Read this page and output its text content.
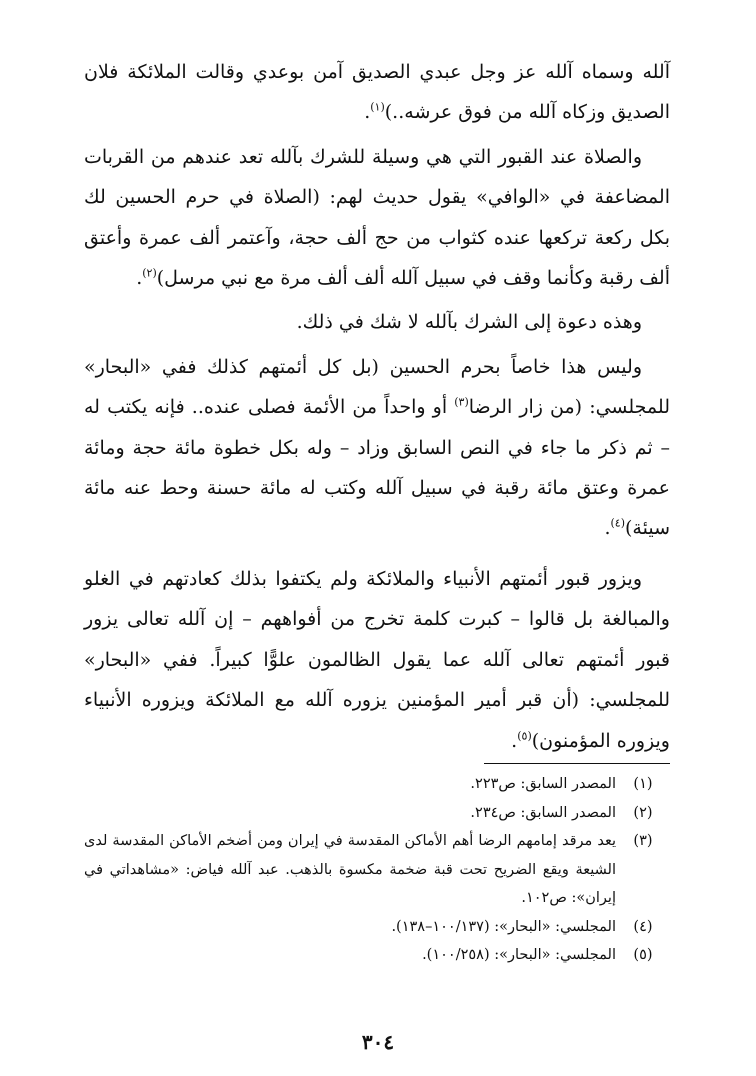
آلله وسماه آلله عز وجل عبدي الصديق آمن بوعدي وقالت الملائكة فلان الصديق وزكاه آلله من فوق عرشه..)$^{(١)}$.

والصلاة عند القبور التي هي وسيلة للشرك بآلله تعد عندهم من القربات المضاعفة في «الوافي» يقول حديث لهم: (الصلاة في حرم الحسين لك بكل ركعة تركعها عنده كثواب من حج ألف حجة، وآعتمر ألف عمرة وأعتق ألف رقبة وكأنما وقف في سبيل آلله ألف ألف مرة مع نبي مرسل)$^{(٢)}$.

وهذه دعوة إلى الشرك بآلله لا شك في ذلك.

وليس هذا خاصاً بحرم الحسين (بل كل أئمتهم كذلك ففي «البحار» للمجلسي: (من زار الرضا$^{(٣)}$ أو واحداً من الأئمة فصلى عنده.. فإنه يكتب له – ثم ذكر ما جاء في النص السابق وزاد – وله بكل خطوة مائة حجة ومائة عمرة وعتق مائة رقبة في سبيل آلله وكتب له مائة حسنة وحط عنه مائة سيئة)$^{(٤)}$.

ويزور قبور أئمتهم الأنبياء والملائكة ولم يكتفوا بذلك كعادتهم في الغلو والمبالغة بل قالوا – كبرت كلمة تخرج من أفواههم – إن آلله تعالى يزور قبور أئمتهم تعالى آلله عما يقول الظالمون علوًّا كبيراً. ففي «البحار» للمجلسي: (أن قبر أمير المؤمنين يزوره آلله مع الملائكة ويزوره الأنبياء ويزوره المؤمنون)$^{(٥)}$.

(١)
المصدر السابق: ص٢٢٣.
(٢)
المصدر السابق: ص٢٣٤.
(٣)
يعد مرقد إمامهم الرضا أهم الأماكن المقدسة في إيران ومن أضخم الأماكن المقدسة لدى الشيعة ويقع الضريح تحت قبة ضخمة مكسوة بالذهب. عبد آلله فياض: «مشاهداتي في إيران»: ص١٠٢.
(٤)
المجلسي: «البحار»: (١٠٠/١٣٧–١٣٨).
(٥)
المجلسي: «البحار»: (١٠٠/٢٥٨).
٣٠٤
